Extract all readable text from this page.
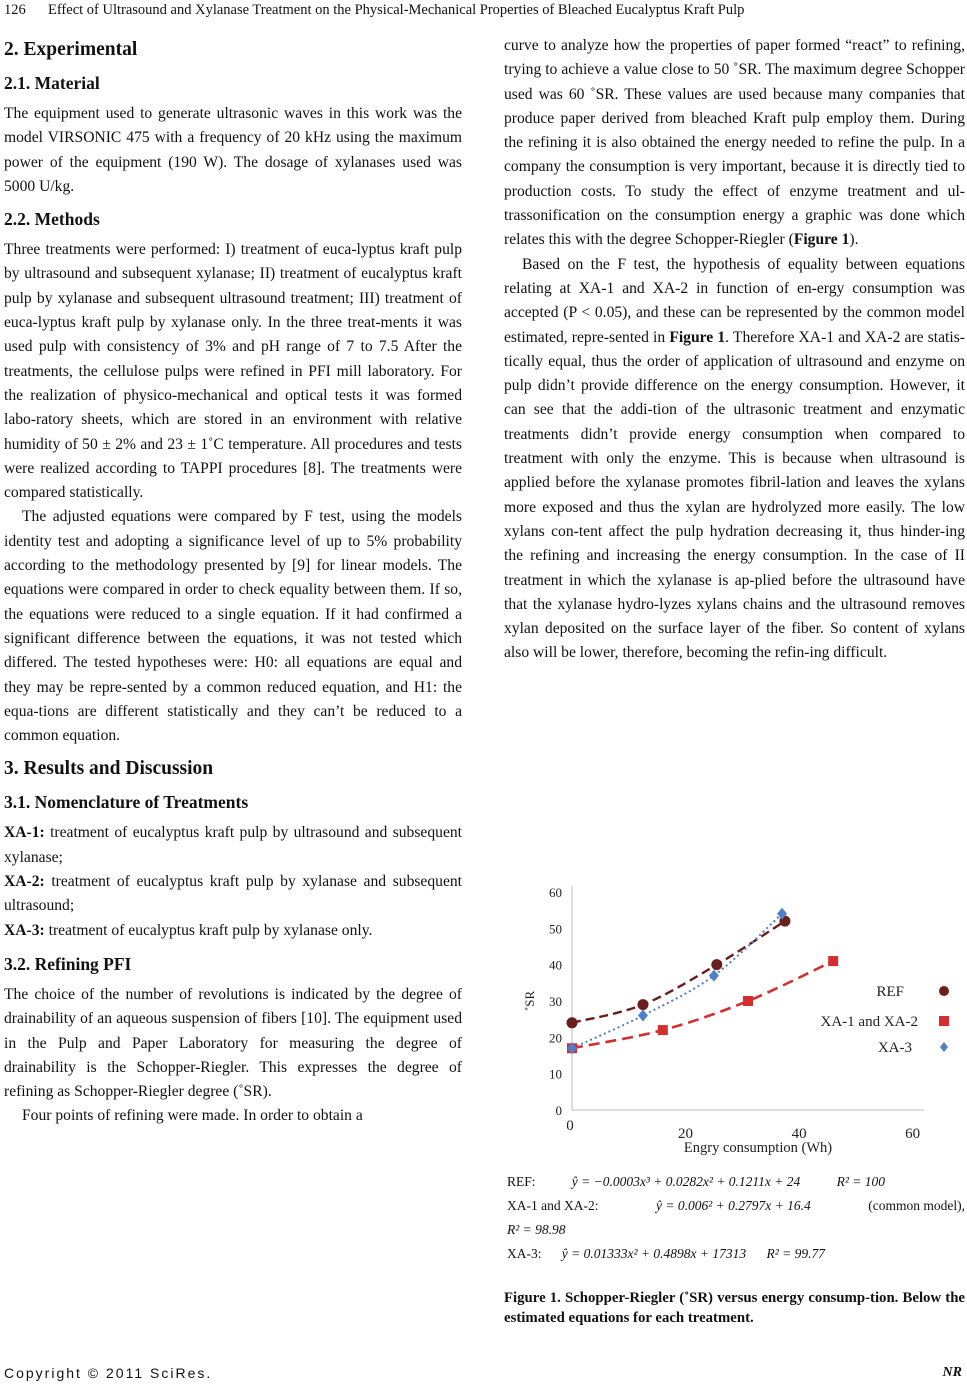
126 Effect of Ultrasound and Xylanase Treatment on the Physical-Mechanical Properties of Bleached Eucalyptus Kraft Pulp
2. Experimental
2.1. Material

The equipment used to generate ultrasonic waves in this work was the model VIRSONIC 475 with a frequency of 20 kHz using the maximum power of the equipment (190 W). The dosage of xylanases used was 5000 U/kg.

2.2. Methods

Three treatments were performed: I) treatment of euca-lyptus kraft pulp by ultrasound and subsequent xylanase; II) treatment of eucalyptus kraft pulp by xylanase and subsequent ultrasound treatment; III) treatment of euca-lyptus kraft pulp by xylanase only. In the three treat-ments it was used pulp with consistency of 3% and pH range of 7 to 7.5 After the treatments, the cellulose pulps were refined in PFI mill laboratory. For the realization of physico-mechanical and optical tests it was formed labo-ratory sheets, which are stored in an environment with relative humidity of 50 ± 2% and 23 ± 1˚C temperature. All procedures and tests were realized according to TAPPI procedures [8]. The treatments were compared statistically.

The adjusted equations were compared by F test, using the models identity test and adopting a significance level of up to 5% probability according to the methodology presented by [9] for linear models. The equations were compared in order to check equality between them. If so, the equations were reduced to a single equation. If it had confirmed a significant difference between the equations, it was not tested which differed. The tested hypotheses were: H0: all equations are equal and they may be repre-sented by a common reduced equation, and H1: the equa-tions are different statistically and they can’t be reduced to a common equation.

3. Results and Discussion
3.1. Nomenclature of Treatments

XA-1: treatment of eucalyptus kraft pulp by ultrasound and subsequent xylanase;

XA-2: treatment of eucalyptus kraft pulp by xylanase and subsequent ultrasound;

XA-3: treatment of eucalyptus kraft pulp by xylanase only.

3.2. Refining PFI

The choice of the number of revolutions is indicated by the degree of drainability of an aqueous suspension of fibers [10]. The equipment used in the Pulp and Paper Laboratory for measuring the degree of drainability is the Schopper-Riegler. This expresses the degree of refining as Schopper-Riegler degree (˚SR).

Four points of refining were made. In order to obtain a

curve to analyze how the properties of paper formed “react” to refining, trying to achieve a value close to 50 ˚SR. The maximum degree Schopper used was 60 ˚SR. These values are used because many companies that produce paper derived from bleached Kraft pulp employ them. During the refining it is also obtained the energy needed to refine the pulp. In a company the consumption is very important, because it is directly tied to production costs. To study the effect of enzyme treatment and ul-trassonification on the consumption energy a graphic was done which relates this with the degree Schopper-Riegler (Figure 1).

Based on the F test, the hypothesis of equality between equations relating at XA-1 and XA-2 in function of en-ergy consumption was accepted (P < 0.05), and these can be represented by the common model estimated, repre-sented in Figure 1. Therefore XA-1 and XA-2 are statis-tically equal, thus the order of application of ultrasound and enzyme on pulp didn’t provide difference on the energy consumption. However, it can see that the addi-tion of the ultrasonic treatment and enzymatic treatments didn’t provide energy consumption when compared to treatment with only the enzyme. This is because when ultrasound is applied before the xylanase promotes fibril-lation and leaves the xylans more exposed and thus the xylan are hydrolyzed more easily. The low xylans con-tent affect the pulp hydration decreasing it, thus hinder-ing the refining and increasing the energy consumption. In the case of II treatment in which the xylanase is ap-plied before the ultrasound have that the xylanase hydro-lyzes xylans chains and the ultrasound removes xylan deposited on the surface layer of the fiber. So content of xylans also will be lower, therefore, becoming the refin-ing difficult.

0
10
20
30
40
50
60
0	20	40	60
Engry consumption (Wh)
˚SR	REF
XA-1 and XA-2
XA-3
REF:	ŷ = −0.0003x³ + 0.0282x² + 0.1211x + 24	R² = 100
XA-1 and XA-2:	ŷ = 0.006² + 0.2797x + 16.4	(common model),
R² = 98.98
XA-3: ŷ = 0.01333x² + 0.4898x + 17313 R² = 99.77
Figure 1. Schopper-Riegler (˚SR) versus energy consump-tion. Below the estimated equations for each treatment.
Copyright © 2011 SciRes.	NR
